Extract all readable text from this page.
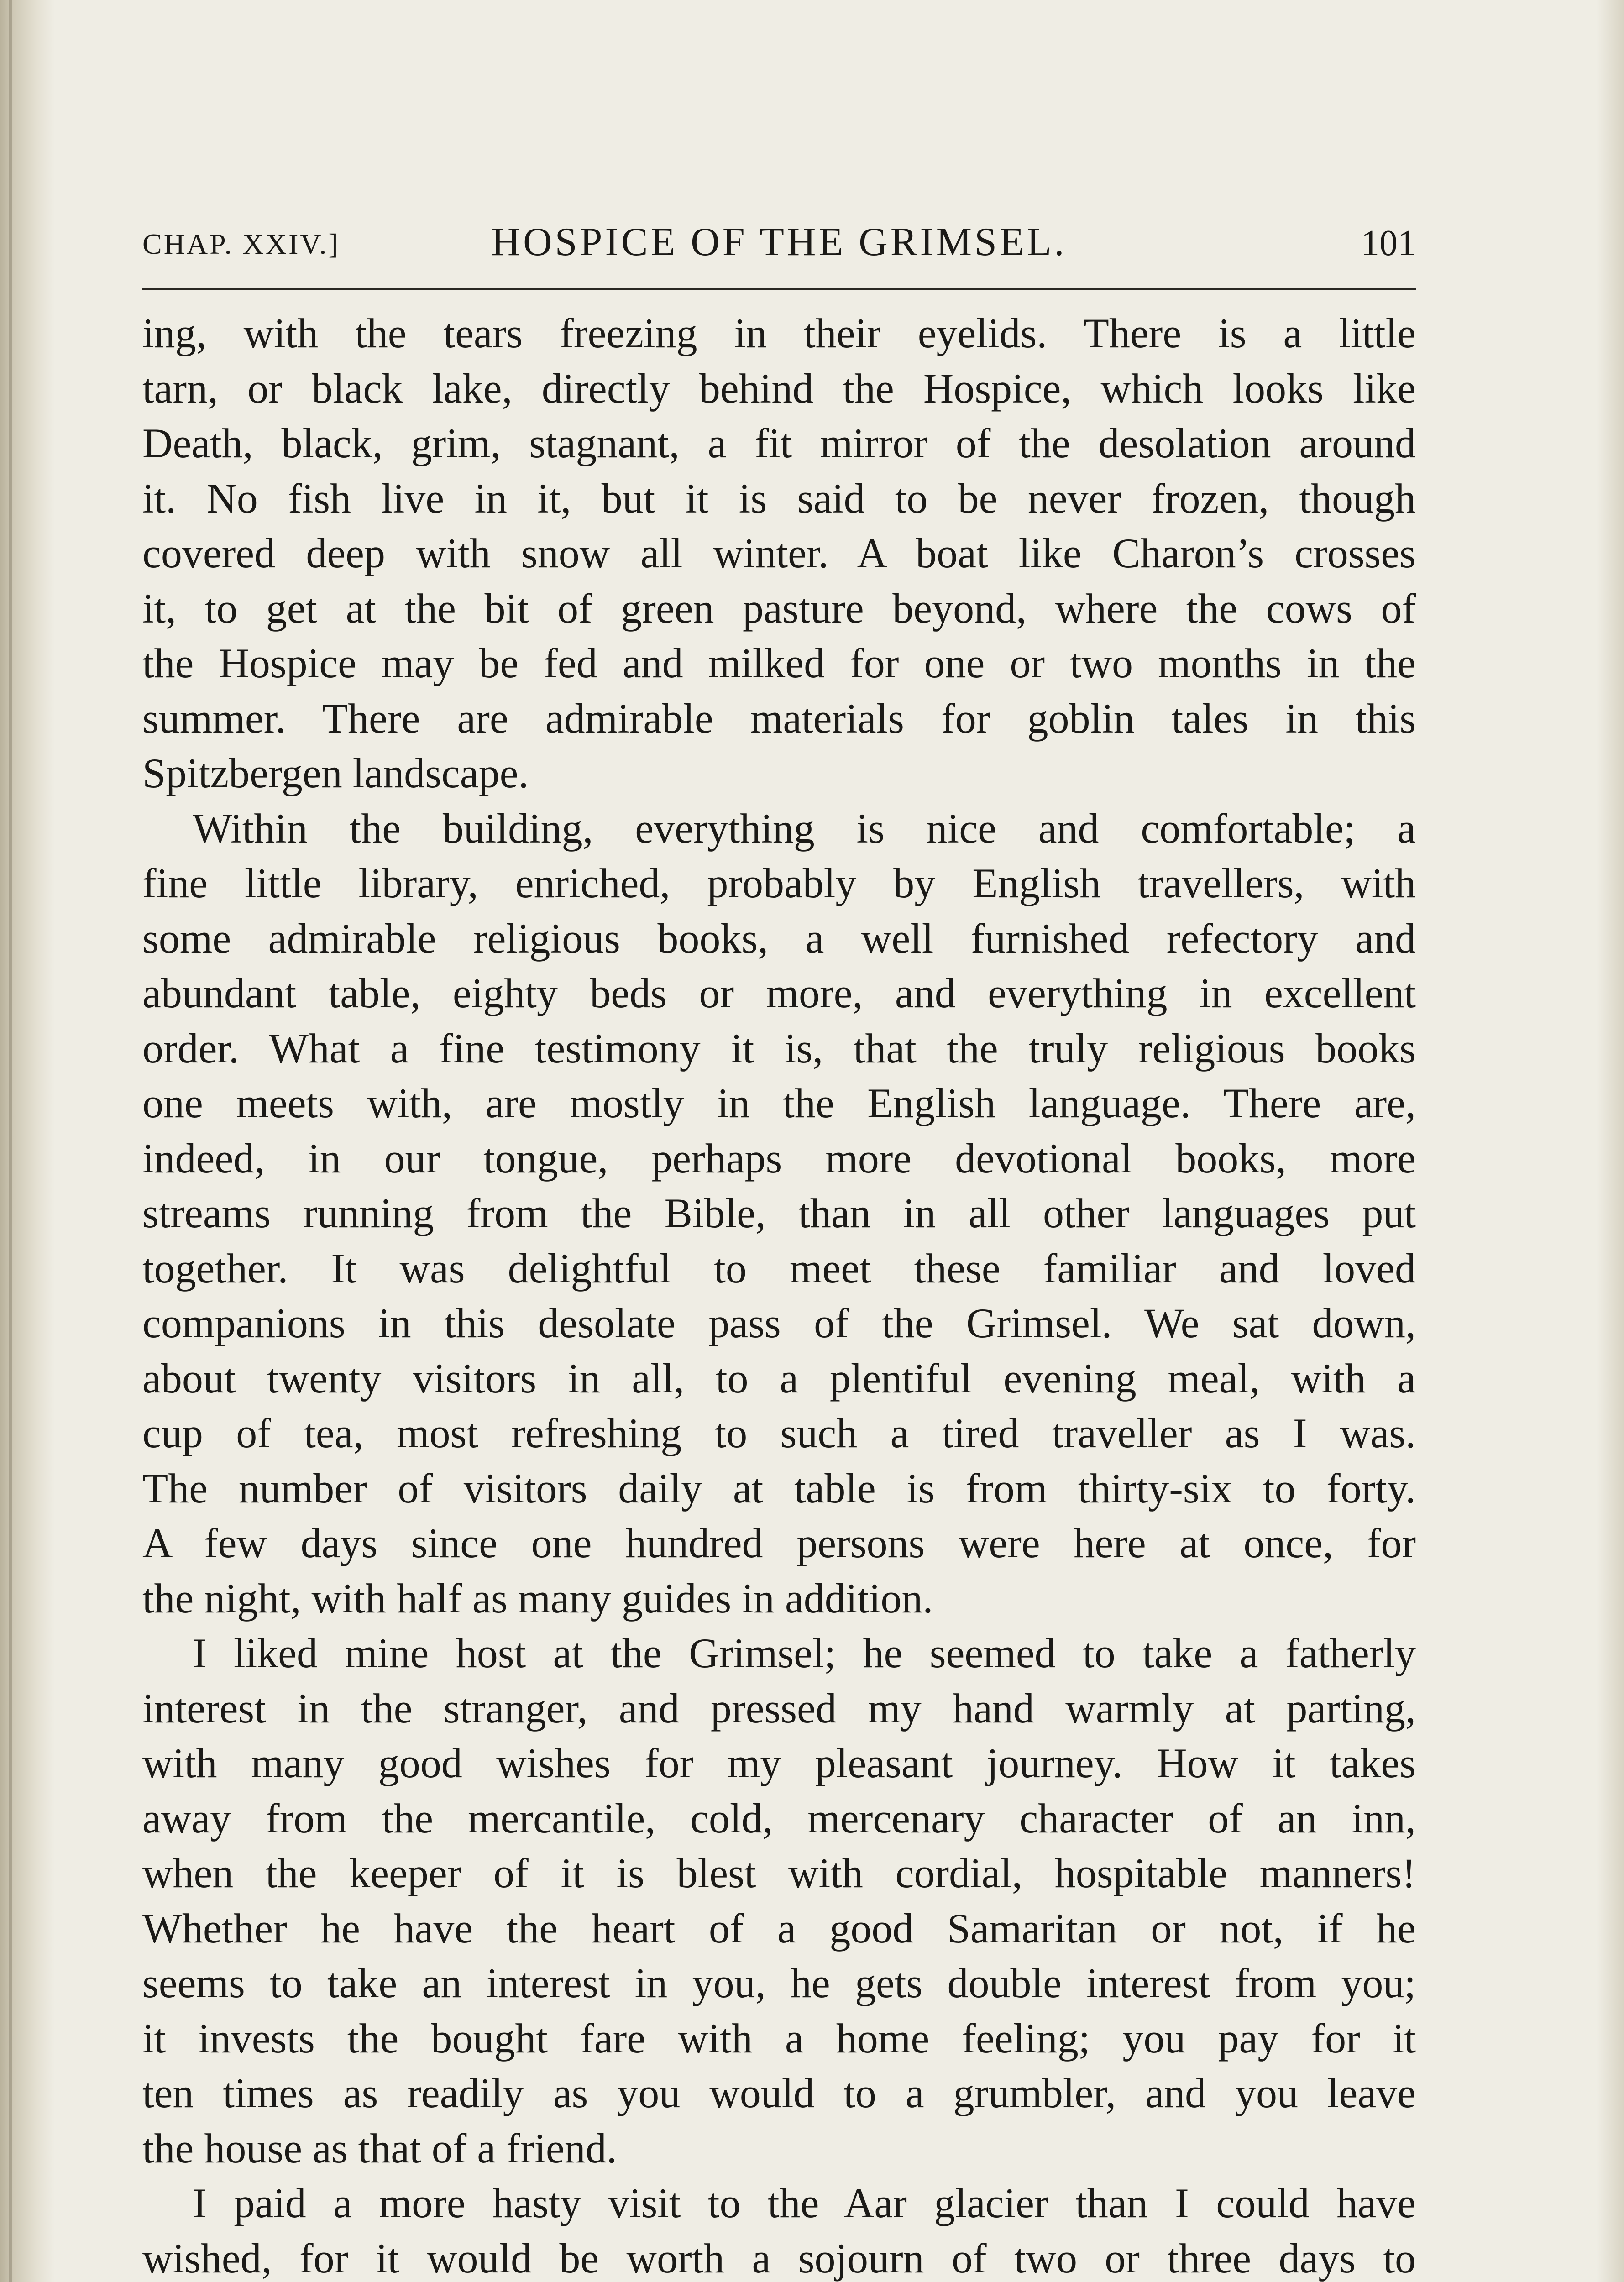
CHAP. XXIV.]	HOSPICE OF THE GRIMSEL.	101
ing, with the tears freezing in their eyelids. There is a little
tarn, or black lake, directly behind the Hospice, which looks like
Death, black, grim, stagnant, a fit mirror of the desolation around
it. No fish live in it, but it is said to be never frozen, though
covered deep with snow all winter. A boat like Charon’s crosses
it, to get at the bit of green pasture beyond, where the cows of
the Hospice may be fed and milked for one or two months in the
summer. There are admirable materials for goblin tales in this
Spitzbergen landscape.
Within the building, everything is nice and comfortable; a
fine little library, enriched, probably by English travellers, with
some admirable religious books, a well furnished refectory and
abundant table, eighty beds or more, and everything in excellent
order. What a fine testimony it is, that the truly religious books
one meets with, are mostly in the English language. There are,
indeed, in our tongue, perhaps more devotional books, more
streams running from the Bible, than in all other languages put
together. It was delightful to meet these familiar and loved
companions in this desolate pass of the Grimsel. We sat down,
about twenty visitors in all, to a plentiful evening meal, with a
cup of tea, most refreshing to such a tired traveller as I was.
The number of visitors daily at table is from thirty-six to forty.
A few days since one hundred persons were here at once, for
the night, with half as many guides in addition.
I liked mine host at the Grimsel; he seemed to take a fatherly
interest in the stranger, and pressed my hand warmly at parting,
with many good wishes for my pleasant journey. How it takes
away from the mercantile, cold, mercenary character of an inn,
when the keeper of it is blest with cordial, hospitable manners!
Whether he have the heart of a good Samaritan or not, if he
seems to take an interest in you, he gets double interest from you;
it invests the bought fare with a home feeling; you pay for it
ten times as readily as you would to a grumbler, and you leave
the house as that of a friend.
I paid a more hasty visit to the Aar glacier than I could have
wished, for it would be worth a sojourn of two or three days to
